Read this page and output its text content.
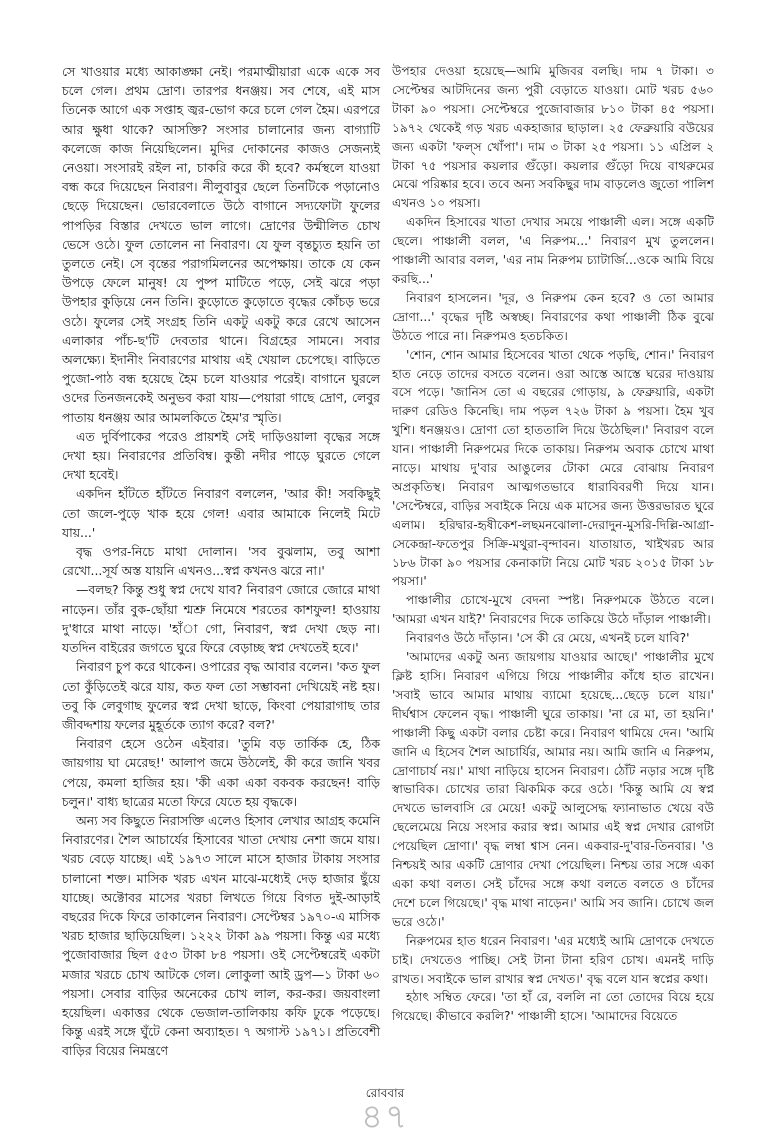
সে খাওয়ার মধ্যে আকাঙ্ক্ষা নেই। পরমাত্মীয়ারা একে একে সব চলে গেল। প্রথম দ্রোণ। তারপর ধনঞ্জয়। সব শেষে, এই মাস তিনেক আগে এক সপ্তাহ জ্বর-ভোগ করে চলে গেল হৈম। এরপরে আর ক্ষুধা থাকে? আসক্তি? সংসার চালানোর জন্য বাগ্যাটি কলেজে কাজ নিয়েছিলেন। মুদির দোকানের কাজও সেজন্যই নেওয়া। সংসারই রইল না, চাকরি করে কী হবে? কর্মস্থলে যাওয়া বন্ধ করে দিয়েছেন নিবারণ। নীলুবাবুর ছেলে তিনটিকে পড়ানোও ছেড়ে দিয়েছেন। ভোরবেলাতে উঠে বাগানে সদ্যফোটা ফুলের পাপড়ির বিস্তার দেখতে ভাল লাগে। দ্রোণের উন্মীলিত চোখ ভেসে ওঠে। ফুল তোলেন না নিবারণ। যে ফুল বৃন্তচ্যুত হয়নি তা তুলতে নেই। সে বৃন্তের পরাগমিলনের অপেক্ষায়। তাকে যে কেন উপড়ে ফেলে মানুষ! যে পুষ্প মাটিতে পড়ে, সেই ঝরে পড়া উপহার কুড়িয়ে নেন তিনি। কুড়োতে কুড়োতে বৃদ্ধের কোঁচড় ভরে ওঠে। ফুলের সেই সংগ্রহ তিনি একটু একটু করে রেখে আসেন এলাকার পাঁচ-ছ'টি দেবতার থানে। বিগ্রহের সামনে। সবার অলক্ষ্যে। ইদানীং নিবারণের মাথায় এই খেয়াল চেপেছে। বাড়িতে পুজো-পাঠ বন্ধ হয়েছে হৈম চলে যাওয়ার পরেই। বাগানে ঘুরলে ওদের তিনজনকেই অনুভব করা যায়—পেয়ারা গাছে দ্রোণ, লেবুর পাতায় ধনঞ্জয় আর আমলকিতে হৈম'র স্মৃতি।

এত দুর্বিপাকের পরেও প্রায়শই সেই দাড়িওয়ালা বৃদ্ধের সঙ্গে দেখা হয়। নিবারণের প্রতিবিম্ব। কুন্তী নদীর পাড়ে ঘুরতে গেলে দেখা হবেই।

একদিন হাঁটতে হাঁটতে নিবারণ বললেন, 'আর কী! সবকিছুই তো জলে-পুড়ে খাক হয়ে গেল! এবার আমাকে নিলেই মিটে যায়...'

বৃদ্ধ ওপর-নিচে মাথা দোলান। 'সব বুঝলাম, তবু আশা রেখো...সূর্য অস্ত যায়নি এখনও...স্বপ্ন কখনও ঝরে না।'

—বলছ? কিন্তু শুধু স্বপ্ন দেখে যাব? নিবারণ জোরে জোরে মাথা নাড়েন। তাঁর বুক-ছোঁয়া শ্মশ্রু নিমেষে শরতের কাশফুল! হাওয়ায় দু'ধারে মাথা নাড়ে। 'হাঁা গো, নিবারণ, স্বপ্ন দেখা ছেড় না। যতদিন বাইরের জগতে ঘুরে ফিরে বেড়াচ্ছ স্বপ্ন দেখতেই হবে।'

নিবারণ চুপ করে থাকেন। ওপারের বৃদ্ধ আবার বলেন। 'কত ফুল তো কুঁড়িতেই ঝরে যায়, কত ফল তো সম্ভাবনা দেখিয়েই নষ্ট হয়। তবু কি লেবুগাছ ফুলের স্বপ্ন দেখা ছাড়ে, কিংবা পেয়ারাগাছ তার জীবদ্দশায় ফলের মুহূর্তকে ত্যাগ করে? বল?'

নিবারণ হেসে ওঠেন এইবার। 'তুমি বড় তার্কিক হে, ঠিক জায়গায় ঘা মেরেছ!' আলাপ জমে উঠলেই, কী করে জানি খবর পেয়ে, কমলা হাজির হয়। 'কী একা একা বকবক করছেন! বাড়ি চলুন।' বাধ্য ছাত্রের মতো ফিরে যেতে হয় বৃদ্ধকে।

অন্য সব কিছুতে নিরাসক্তি এলেও হিসাব লেখার আগ্রহ কমেনি নিবারণের। শৈল আচার্যের হিসাবের খাতা দেখায় নেশা জমে যায়। খরচ বেড়ে যাচ্ছে। এই ১৯৭৩ সালে মাসে হাজার টাকায় সংসার চালানো শক্ত। মাসিক খরচ এখন মাঝে-মধ্যেই দেড় হাজার ছুঁয়ে যাচ্ছে। অক্টোবর মাসের খরচা লিখতে গিয়ে বিগত দুই-আড়াই বছরের দিকে ফিরে তাকালেন নিবারণ। সেপ্টেম্বর ১৯৭০-এ মাসিক খরচ হাজার ছাড়িয়েছিল। ১২২২ টাকা ৯৯ পয়সা। কিন্তু এর মধ্যে পুজোবাজার ছিল ৫৫৩ টাকা ৮৪ পয়সা। ওই সেপ্টেম্বরেই একটা মজার খরচে চোখ আটকে গেল। লোকুলা আই ড্রপ—১ টাকা ৬০ পয়সা। সেবার বাড়ির অনেকের চোখ লাল, কর-কর। জয়বাংলা হয়েছিল। একাত্তর থেকে ভেজাল-তালিকায় কফি ঢুকে পড়েছে। কিন্তু এরই সঙ্গে ঘুঁটে কেনা অব্যাহত। ৭ অগাস্ট ১৯৭১। প্রতিবেশী বাড়ির বিয়ের নিমন্ত্রণে

উপহার দেওয়া হয়েছে—আমি মুজিবর বলছি। দাম ৭ টাকা। ৩ সেপ্টেম্বর আটদিনের জন্য পুরী বেড়াতে যাওয়া। মোট খরচ ৫৬০ টাকা ৯০ পয়সা। সেপ্টেম্বরে পুজোবাজার ৮১০ টাকা ৪৫ পয়সা। ১৯৭২ থেকেই গড় খরচ একহাজার ছাড়াল। ২৫ ফেব্রুয়ারি বউয়ের জন্য একটা 'ফল্স খোঁপা'। দাম ৩ টাকা ২৫ পয়সা। ১১ এপ্রিল ২ টাকা ৭৫ পয়সার কয়লার গুঁড়ো। কয়লার গুঁড়ো দিয়ে বাথরুমের মেঝে পরিষ্কার হবে। তবে অন্য সবকিছুর দাম বাড়লেও জুতো পালিশ এখনও ১০ পয়সা।

একদিন হিসাবের খাতা দেখার সময়ে পাঞ্চালী এল। সঙ্গে একটি ছেলে। পাঞ্চালী বলল, 'এ নিরুপম...' নিবারণ মুখ তুললেন। পাঞ্চালী আবার বলল, 'এর নাম নিরুপম চ্যাটার্জি...ওকে আমি বিয়ে করছি...'

নিবারণ হাসলেন। 'দূর, ও নিরুপম কেন হবে? ও তো আমার দ্রোণা...' বৃদ্ধের দৃষ্টি অস্বচ্ছ। নিবারণের কথা পাঞ্চালী ঠিক বুঝে উঠতে পারে না। নিরুপমও হতচকিত।

'শোন, শোন আমার হিসেবের খাতা থেকে পড়ছি, শোন।' নিবারণ হাত নেড়ে তাদের বসতে বলেন। ওরা আস্তে আস্তে ঘরের দাওয়ায় বসে পড়ে। 'জানিস তো এ বছরের গোড়ায়, ৯ ফেব্রুয়ারি, একটা দারুণ রেডিও কিনেছি। দাম পড়ল ৭২৬ টাকা ৯ পয়সা। হৈম খুব খুশি। ধনঞ্জয়ও। দ্রোণা তো হাততালি দিয়ে উঠেছিল।' নিবারণ বলে যান। পাঞ্চালী নিরুপমের দিকে তাকায়। নিরুপম অবাক চোখে মাথা নাড়ে। মাথায় দু'বার আঙুলের টোকা মেরে বোঝায় নিবারণ অপ্রকৃতিস্থ। নিবারণ আত্মগতভাবে ধারাবিবরণী দিয়ে যান। 'সেপ্টেম্বরে, বাড়ির সবাইকে নিয়ে এক মাসের জন্য উত্তরভারত ঘুরে এলাম। হরিদ্বার-হৃষীকেশ-লছমনঝোলা-দেরাদুন-মুসরি-দিল্লি-আগ্রা-সেকেন্দ্রা-ফতেপুর সিক্রি-মথুরা-বৃন্দাবন। যাতায়াত, খাইখরচ আর ১৮৬ টাকা ৯০ পয়সার কেনাকাটা নিয়ে মোট খরচ ২০১৫ টাকা ১৮ পয়সা।'

পাঞ্চালীর চোখে-মুখে বেদনা স্পষ্ট। নিরুপমকে উঠতে বলে। 'আমরা এখন যাই?' নিবারণের দিকে তাকিয়ে উঠে দাঁড়াল পাঞ্চালী।

নিবারণও উঠে দাঁড়ান। 'সে কী রে মেয়ে, এখনই চলে যাবি?'

'আমাদের একটু অন্য জায়গায় যাওয়ার আছে।' পাঞ্চালীর মুখে ক্লিষ্ট হাসি। নিবারণ এগিয়ে গিয়ে পাঞ্চালীর কাঁধে হাত রাখেন। 'সবাই ভাবে আমার মাথায় ব্যামো হয়েছে...ছেড়ে চলে যায়।' দীর্ঘশ্বাস ফেলেন বৃদ্ধ। পাঞ্চালী ঘুরে তাকায়। 'না রে মা, তা হয়নি।' পাঞ্চালী কিছু একটা বলার চেষ্টা করে। নিবারণ থামিয়ে দেন। 'আমি জানি এ হিসেব শৈল আচার্যির, আমার নয়। আমি জানি এ নিরুপম, দ্রোণাচার্য নয়।' মাথা নাড়িয়ে হাসেন নিবারণ। ঠোঁট নড়ার সঙ্গে দৃষ্টি স্বাভাবিক। চোখের তারা ঝিকমিক করে ওঠে। 'কিন্তু আমি যে স্বপ্ন দেখতে ভালবাসি রে মেয়ে! একটু আলুসেদ্ধ ফ্যানাভাত খেয়ে বউ ছেলেমেয়ে নিয়ে সংসার করার স্বপ্ন। আমার এই স্বপ্ন দেখার রোগটা পেয়েছিল দ্রোণা।' বৃদ্ধ লম্বা শ্বাস নেন। একবার-দু'বার-তিনবার। 'ও নিশ্চয়ই আর একটি দ্রোণার দেখা পেয়েছিল। নিশ্চয় তার সঙ্গে একা একা কথা বলত। সেই চাঁদের সঙ্গে কথা বলতে বলতে ও চাঁদের দেশে চলে গিয়েছে।' বৃদ্ধ মাথা নাড়েন।' আমি সব জানি। চোখে জল ভরে ওঠে।'

নিরুপমের হাত ধরেন নিবারণ। 'এর মধ্যেই আমি দ্রোণকে দেখতে চাই। দেখতেও পাচ্ছি। সেই টানা টানা হরিণ চোখ। এমনই দাড়ি রাখত। সবাইকে ভাল রাখার স্বপ্ন দেখত।' বৃদ্ধ বলে যান স্বপ্নের কথা।

হঠাৎ সম্বিত ফেরে। 'তা হাঁ রে, বললি না তো তোদের বিয়ে হয়ে গিয়েছে। কীভাবে করলি?' পাঞ্চালী হাসে। 'আমাদের বিয়েতে

রোববার
৪৭
